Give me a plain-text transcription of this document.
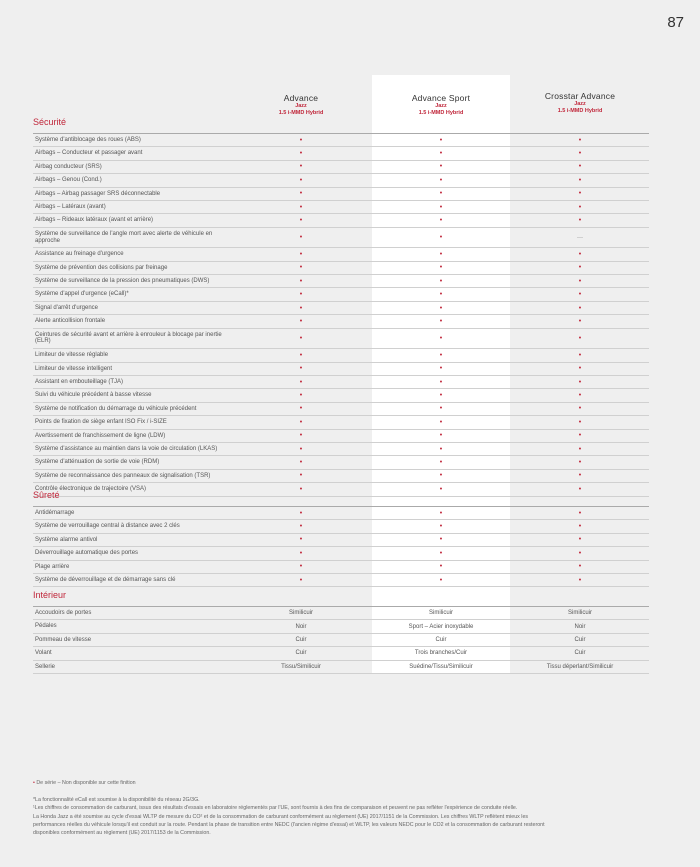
87
Advance
Jazz
1.5 i-MMD Hybrid
Advance Sport
Jazz
1.5 i-MMD Hybrid
Crosstar Advance
Jazz
1.5 i-MMD Hybrid
Sécurité
Système d'antiblocage des roues (ABS)	•	•	•
Airbags – Conducteur et passager avant	•	•	•
Airbag conducteur (SRS)	•	•	•
Airbags – Genou (Cond.)	•	•	•
Airbags – Airbag passager SRS déconnectable	•	•	•
Airbags – Latéraux (avant)	•	•	•
Airbags – Rideaux latéraux (avant et arrière)	•	•	•
Système de surveillance de l'angle mort avec alerte de véhicule en approche	•	•	—
Assistance au freinage d'urgence	•	•	•
Système de prévention des collisions par freinage	•	•	•
Système de surveillance de la pression des pneumatiques (DWS)	•	•	•
Système d'appel d'urgence (eCall)*	•	•	•
Signal d'arrêt d'urgence	•	•	•
Alerte anticollision frontale	•	•	•
Ceintures de sécurité avant et arrière à enrouleur à blocage par inertie (ELR)	•	•	•
Limiteur de vitesse réglable	•	•	•
Limiteur de vitesse intelligent	•	•	•
Assistant en embouteillage (TJA)	•	•	•
Suivi du véhicule précédent à basse vitesse	•	•	•
Système de notification du démarrage du véhicule précédent	•	•	•
Points de fixation de siège enfant ISO Fix / i-SIZE	•	•	•
Avertissement de franchissement de ligne (LDW)	•	•	•
Système d'assistance au maintien dans la voie de circulation (LKAS)	•	•	•
Système d'atténuation de sortie de voie (RDM)	•	•	•
Système de reconnaissance des panneaux de signalisation (TSR)	•	•	•
Contrôle électronique de trajectoire (VSA)	•	•	•
Sûreté
Antidémarrage	•	•	•
Système de verrouillage central à distance avec 2 clés	•	•	•
Système alarme antivol	•	•	•
Déverrouillage automatique des portes	•	•	•
Plage arrière	•	•	•
Système de déverrouillage et de démarrage sans clé	•	•	•
Intérieur
Accoudoirs de portes	Similicuir	Similicuir	Similicuir
Pédales	Noir	Sport – Acier inoxydable	Noir
Pommeau de vitesse	Cuir	Cuir	Cuir
Volant	Cuir	Trois branches/Cuir	Cuir
Sellerie	Tissu/Similicuir	Suédine/Tissu/Similicuir	Tissu déperlant/Similicuir
• De série – Non disponible sur cette finition
*La fonctionnalité eCall est soumise à la disponibilité du réseau 2G/3G.
¹Les chiffres de consommation de carburant, issus des résultats d'essais en laboratoire réglementés par l'UE, sont fournis à des fins de comparaison et peuvent ne pas refléter l'expérience de conduite réelle.
La Honda Jazz a été soumise au cycle d'essai WLTP de mesure du CO² et de la consommation de carburant conformément au règlement (UE) 2017/1151 de la Commission. Les chiffres WLTP reflètent mieux les performances réelles du véhicule lorsqu'il est conduit sur la route. Pendant la phase de transition entre NEDC (l'ancien régime d'essai) et WLTP, les valeurs NEDC pour le CO2 et la consommation de carburant resteront disponibles conformément au règlement (UE) 2017/1153 de la Commission.
